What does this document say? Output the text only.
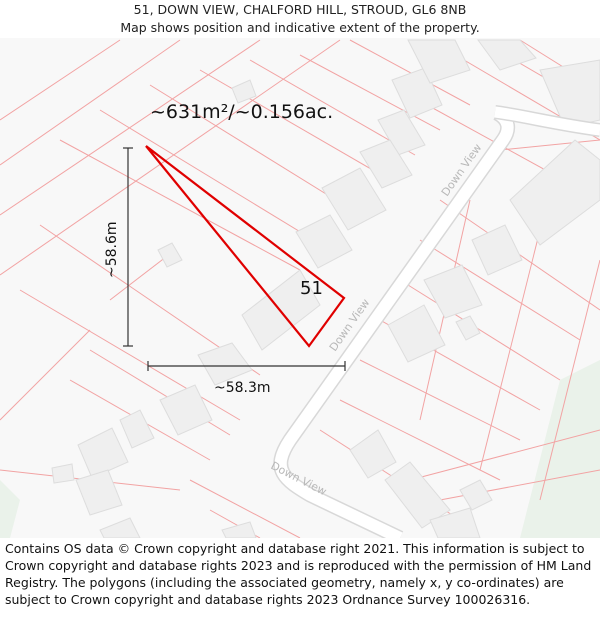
51, DOWN VIEW, CHALFORD HILL, STROUD, GL6 8NB
Map shows position and indicative extent of the property.
Down View
Down View
Down View
~631m²/~0.156ac.
51
~58.6m
~58.3m
Contains OS data © Crown copyright and database right 2021. This information is subject to Crown copyright and database rights 2023 and is reproduced with the permission of HM Land Registry. The polygons (including the associated geometry, namely x, y co-ordinates) are subject to Crown copyright and database rights 2023 Ordnance Survey 100026316.
